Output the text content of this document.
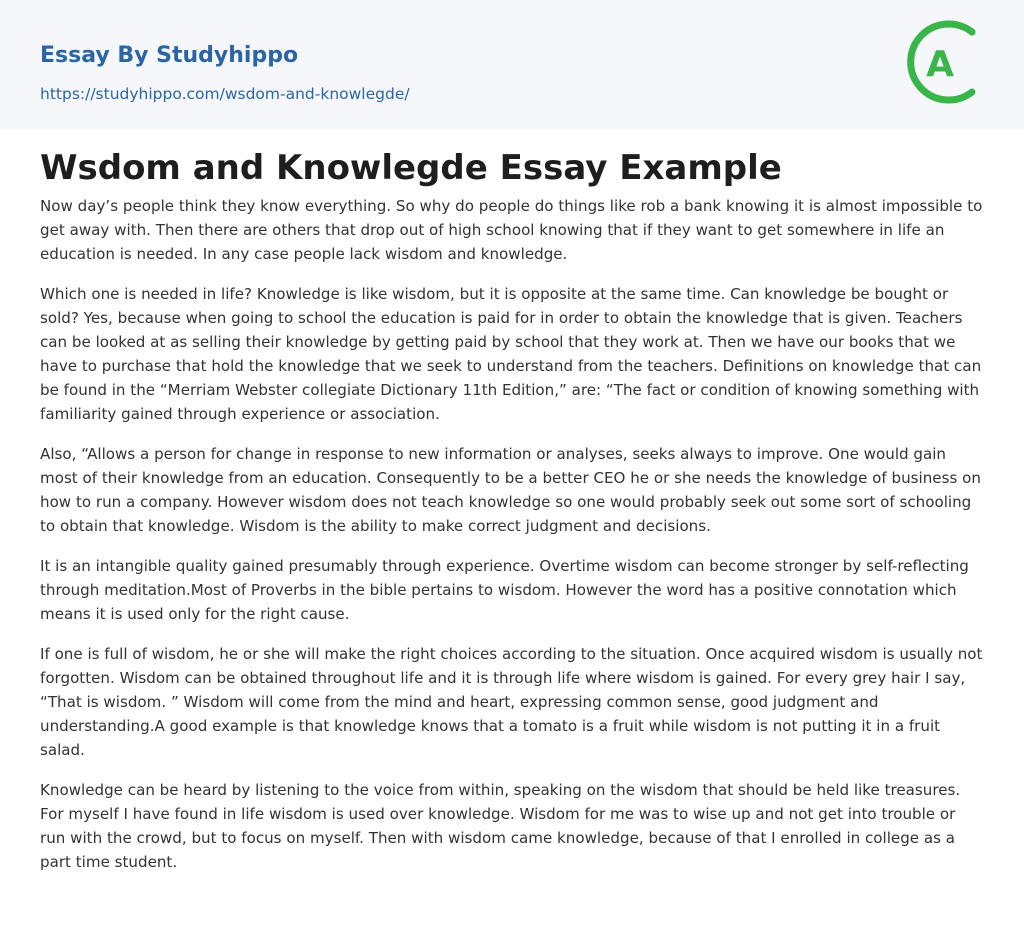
Essay By Studyhippo
https://studyhippo.com/wsdom-and-knowlegde/
A
Wsdom and Knowlegde Essay Example

Now day’s people think they know everything. So why do people do things like rob a bank knowing it is almost impossible to get away with. Then there are others that drop out of high school knowing that if they want to get somewhere in life an education is needed. In any case people lack wisdom and knowledge.

Which one is needed in life? Knowledge is like wisdom, but it is opposite at the same time. Can knowledge be bought or sold? Yes, because when going to school the education is paid for in order to obtain the knowledge that is given. Teachers can be looked at as selling their knowledge by getting paid by school that they work at. Then we have our books that we have to purchase that hold the knowledge that we seek to understand from the teachers. Definitions on knowledge that can be found in the “Merriam Webster collegiate Dictionary 11th Edition,” are: “The fact or condition of knowing something with familiarity gained through experience or association.

Also, “Allows a person for change in response to new information or analyses, seeks always to improve. One would gain most of their knowledge from an education. Consequently to be a better CEO he or she needs the knowledge of business on how to run a company. However wisdom does not teach knowledge so one would probably seek out some sort of schooling to obtain that knowledge. Wisdom is the ability to make correct judgment and decisions.

It is an intangible quality gained presumably through experience. Overtime wisdom can become stronger by self-reflecting through meditation.Most of Proverbs in the bible pertains to wisdom. However the word has a positive connotation which means it is used only for the right cause.

If one is full of wisdom, he or she will make the right choices according to the situation. Once acquired wisdom is usually not forgotten. Wisdom can be obtained throughout life and it is through life where wisdom is gained. For every grey hair I say, “That is wisdom. ” Wisdom will come from the mind and heart, expressing common sense, good judgment and understanding.A good example is that knowledge knows that a tomato is a fruit while wisdom is not putting it in a fruit salad.

Knowledge can be heard by listening to the voice from within, speaking on the wisdom that should be held like treasures. For myself I have found in life wisdom is used over knowledge. Wisdom for me was to wise up and not get into trouble or run with the crowd, but to focus on myself. Then with wisdom came knowledge, because of that I enrolled in college as a part time student.
